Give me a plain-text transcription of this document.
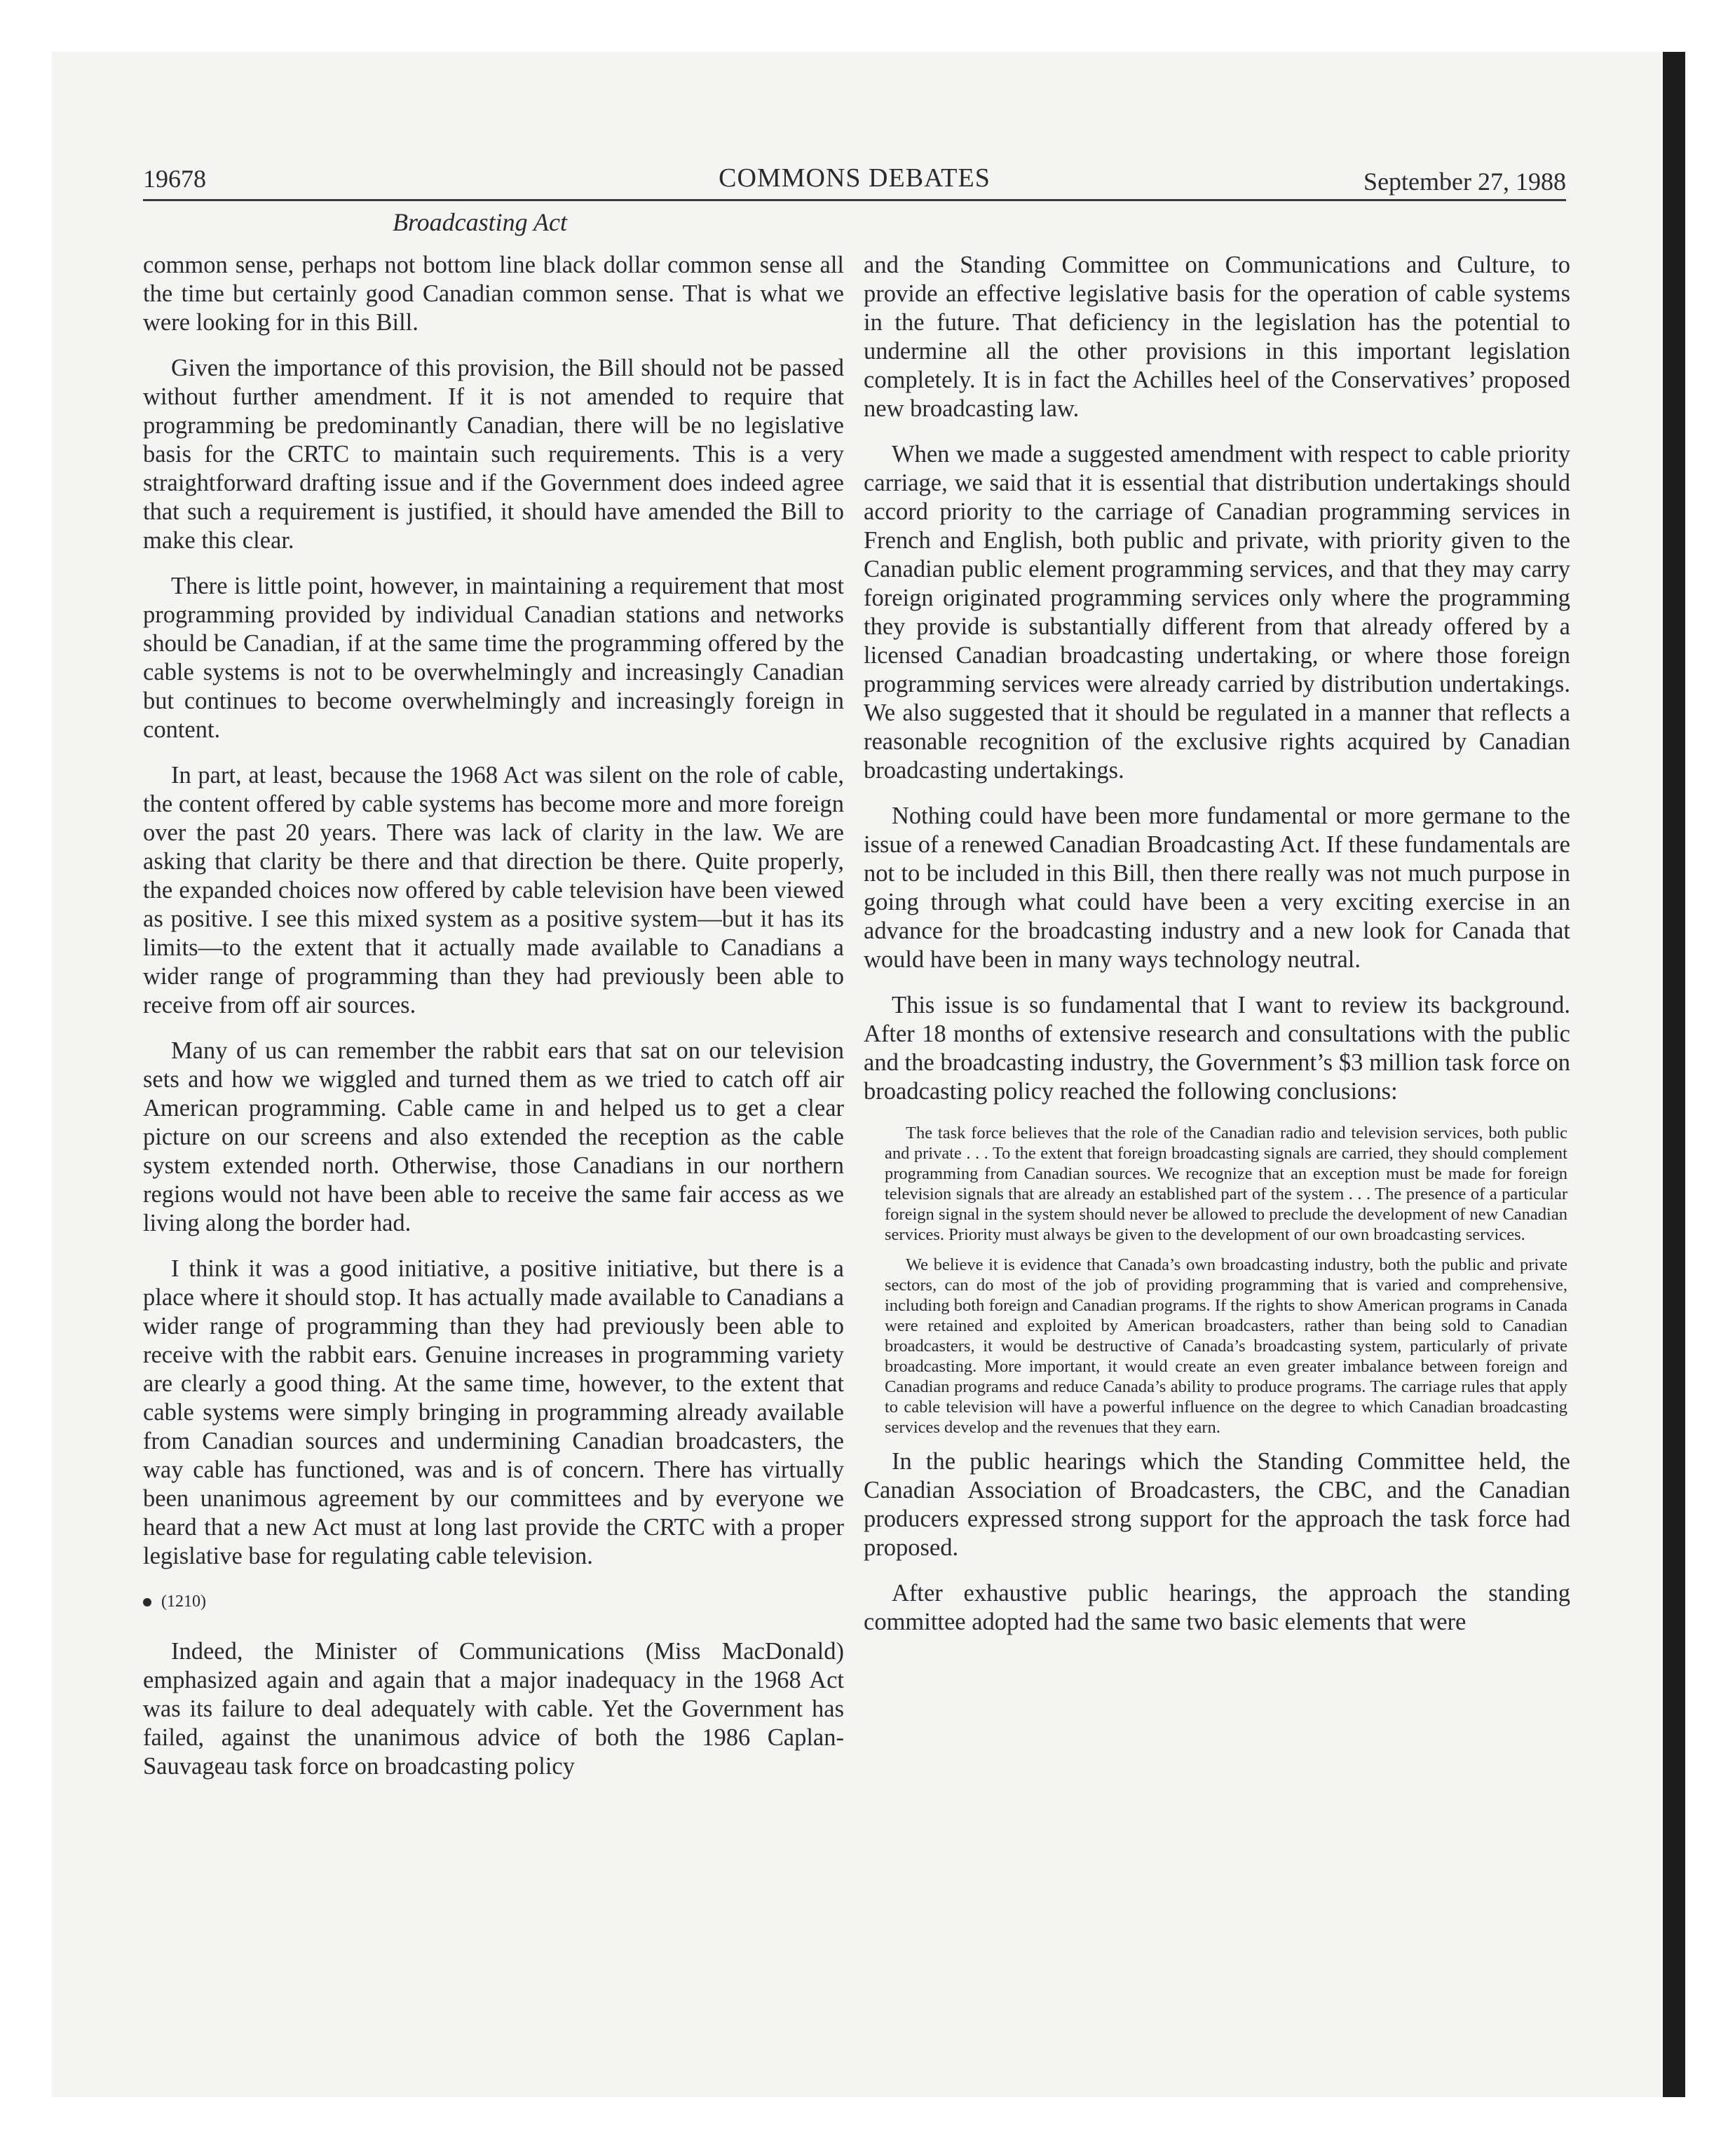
19678	COMMONS DEBATES	September 27, 1988
Broadcasting Act

common sense, perhaps not bottom line black dollar common sense all the time but certainly good Canadian common sense. That is what we were looking for in this Bill.

Given the importance of this provision, the Bill should not be passed without further amendment. If it is not amended to require that programming be predominantly Canadian, there will be no legislative basis for the CRTC to maintain such requirements. This is a very straightforward drafting issue and if the Government does indeed agree that such a requirement is justified, it should have amended the Bill to make this clear.

There is little point, however, in maintaining a requirement that most programming provided by individual Canadian stations and networks should be Canadian, if at the same time the programming offered by the cable systems is not to be overwhelmingly and increasingly Canadian but continues to become overwhelmingly and increasingly foreign in content.

In part, at least, because the 1968 Act was silent on the role of cable, the content offered by cable systems has become more and more foreign over the past 20 years. There was lack of clarity in the law. We are asking that clarity be there and that direction be there. Quite properly, the expanded choices now offered by cable television have been viewed as positive. I see this mixed system as a positive system—but it has its limits—to the extent that it actually made available to Canadians a wider range of programming than they had previously been able to receive from off air sources.

Many of us can remember the rabbit ears that sat on our television sets and how we wiggled and turned them as we tried to catch off air American programming. Cable came in and helped us to get a clear picture on our screens and also extended the reception as the cable system extended north. Otherwise, those Canadians in our northern regions would not have been able to receive the same fair access as we living along the border had.

I think it was a good initiative, a positive initiative, but there is a place where it should stop. It has actually made available to Canadians a wider range of programming than they had previously been able to receive with the rabbit ears. Genuine increases in programming variety are clearly a good thing. At the same time, however, to the extent that cable systems were simply bringing in programming already available from Canadian sources and undermining Canadian broadcasters, the way cable has functioned, was and is of concern. There has virtually been unanimous agreement by our committees and by everyone we heard that a new Act must at long last provide the CRTC with a proper legislative base for regulating cable television.

(1210)

Indeed, the Minister of Communications (Miss MacDonald) emphasized again and again that a major inadequacy in the 1968 Act was its failure to deal adequately with cable. Yet the Government has failed, against the unanimous advice of both the 1986 Caplan-Sauvageau task force on broadcasting policy

and the Standing Committee on Communications and Culture, to provide an effective legislative basis for the operation of cable systems in the future. That deficiency in the legislation has the potential to undermine all the other provisions in this important legislation completely. It is in fact the Achilles heel of the Conservatives’ proposed new broadcasting law.

When we made a suggested amendment with respect to cable priority carriage, we said that it is essential that distribution undertakings should accord priority to the carriage of Canadian programming services in French and English, both public and private, with priority given to the Canadian public element programming services, and that they may carry foreign originated programming services only where the programming they provide is substantially different from that already offered by a licensed Canadian broadcasting undertaking, or where those foreign programming services were already carried by distribution undertakings. We also suggested that it should be regulated in a manner that reflects a reasonable recognition of the exclusive rights acquired by Canadian broadcasting undertakings.

Nothing could have been more fundamental or more germane to the issue of a renewed Canadian Broadcasting Act. If these fundamentals are not to be included in this Bill, then there really was not much purpose in going through what could have been a very exciting exercise in an advance for the broadcasting industry and a new look for Canada that would have been in many ways technology neutral.

This issue is so fundamental that I want to review its background. After 18 months of extensive research and consultations with the public and the broadcasting industry, the Government’s $3 million task force on broadcasting policy reached the following conclusions:

The task force believes that the role of the Canadian radio and television services, both public and private . . . To the extent that foreign broadcasting signals are carried, they should complement programming from Canadian sources. We recognize that an exception must be made for foreign television signals that are already an established part of the system . . . The presence of a particular foreign signal in the system should never be allowed to preclude the development of new Canadian services. Priority must always be given to the development of our own broadcasting services.
We believe it is evidence that Canada’s own broadcasting industry, both the public and private sectors, can do most of the job of providing programming that is varied and comprehensive, including both foreign and Canadian programs. If the rights to show American programs in Canada were retained and exploited by American broadcasters, rather than being sold to Canadian broadcasters, it would be destructive of Canada’s broadcasting system, particularly of private broadcasting. More important, it would create an even greater imbalance between foreign and Canadian programs and reduce Canada’s ability to produce programs. The carriage rules that apply to cable television will have a powerful influence on the degree to which Canadian broadcasting services develop and the revenues that they earn.

In the public hearings which the Standing Committee held, the Canadian Association of Broadcasters, the CBC, and the Canadian producers expressed strong support for the approach the task force had proposed.

After exhaustive public hearings, the approach the standing committee adopted had the same two basic elements that were
